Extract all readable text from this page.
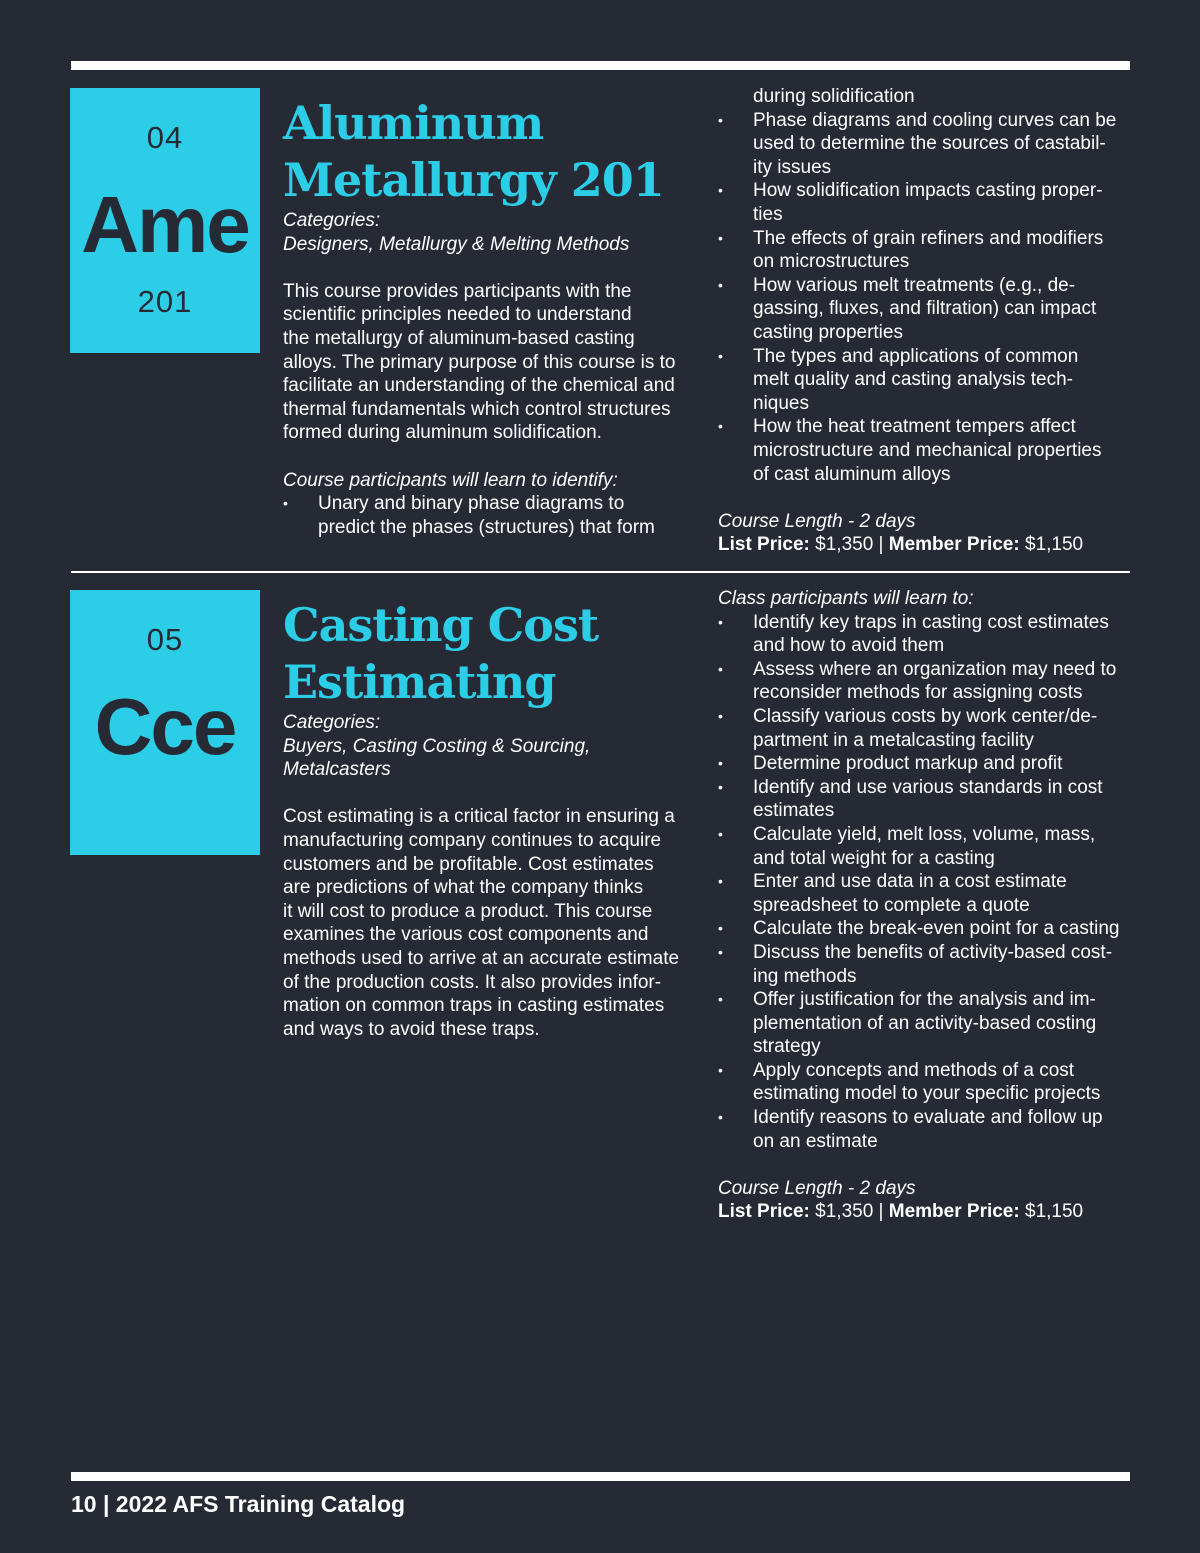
04
Ame
201
Aluminum
Metallurgy 201

Categories:

Designers, Metallurgy & Melting Methods
This course provides participants with the
scientific principles needed to understand
the metallurgy of aluminum-based casting
alloys. The primary purpose of this course is to
facilitate an understanding of the chemical and
thermal fundamentals which control structures
formed during aluminum solidification.

Course participants will learn to identify:

• Unary and binary phase diagrams to
predict the phases (structures) that form
during solidification
• Phase diagrams and cooling curves can be
used to determine the sources of castabil-
ity issues
• How solidification impacts casting proper-
ties
• The effects of grain refiners and modifiers
on microstructures
• How various melt treatments (e.g., de-
gassing, fluxes, and filtration) can impact
casting properties
• The types and applications of common
melt quality and casting analysis tech-
niques
• How the heat treatment tempers affect
microstructure and mechanical properties
of cast aluminum alloys

Course Length - 2 days

List Price: $1,350 | Member Price: $1,150

05
Cce
Casting Cost
Estimating

Categories:

Buyers, Casting Costing & Sourcing,
Metalcasters
Cost estimating is a critical factor in ensuring a
manufacturing company continues to acquire
customers and be profitable. Cost estimates
are predictions of what the company thinks
it will cost to produce a product. This course
examines the various cost components and
methods used to arrive at an accurate estimate
of the production costs. It also provides infor-
mation on common traps in casting estimates
and ways to avoid these traps.

Class participants will learn to:

• Identify key traps in casting cost estimates
and how to avoid them
• Assess where an organization may need to
reconsider methods for assigning costs
• Classify various costs by work center/de-
partment in a metalcasting facility
• Determine product markup and profit
• Identify and use various standards in cost
estimates
• Calculate yield, melt loss, volume, mass,
and total weight for a casting
• Enter and use data in a cost estimate
spreadsheet to complete a quote
• Calculate the break-even point for a casting
• Discuss the benefits of activity-based cost-
ing methods
• Offer justification for the analysis and im-
plementation of an activity-based costing
strategy
• Apply concepts and methods of a cost
estimating model to your specific projects
• Identify reasons to evaluate and follow up
on an estimate

Course Length - 2 days

List Price: $1,350 | Member Price: $1,150

10 | 2022 AFS Training Catalog
